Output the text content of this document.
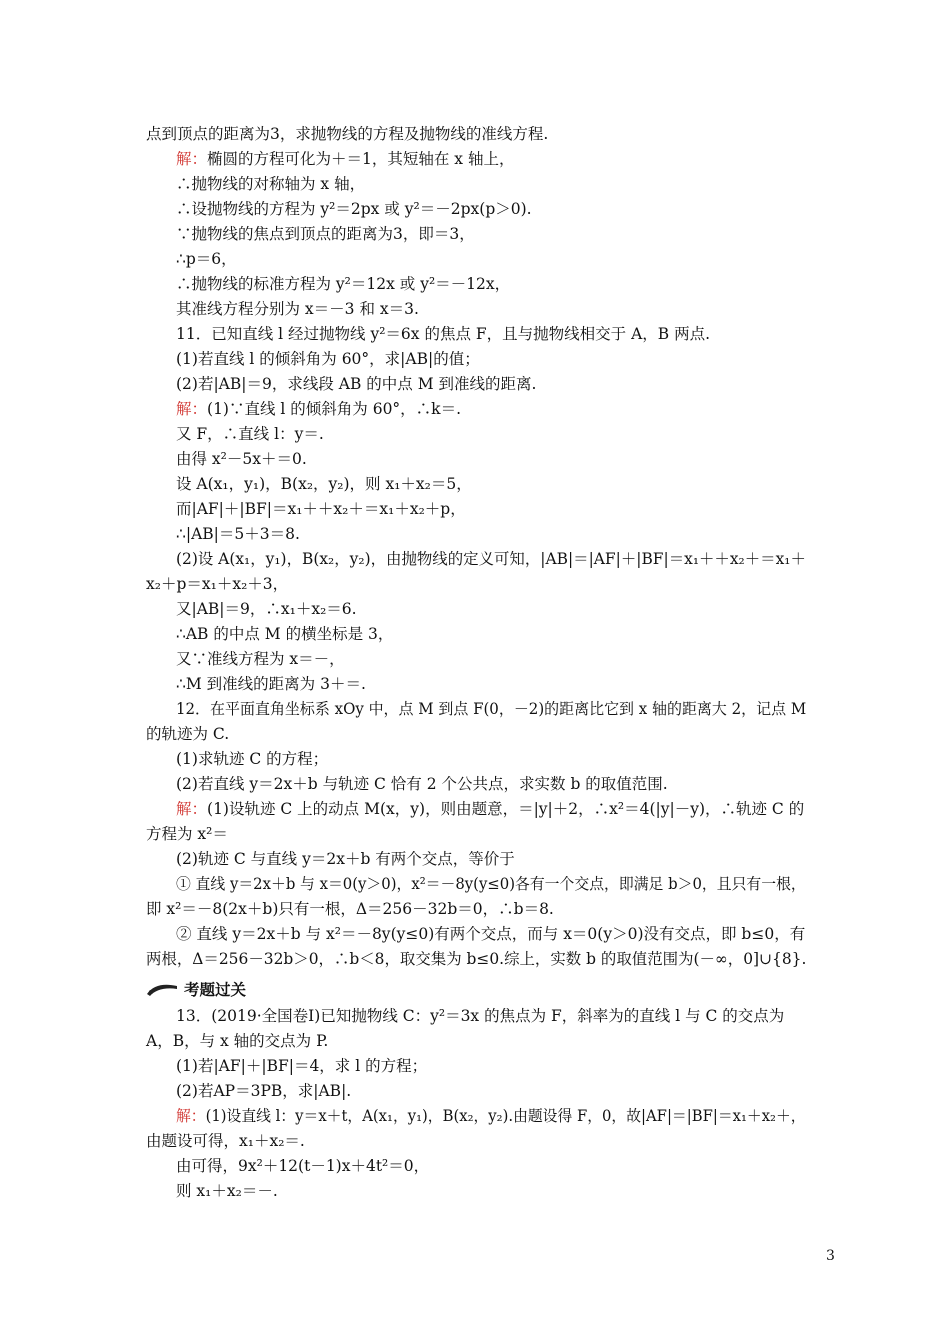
点到顶点的距离为3，求抛物线的方程及抛物线的准线方程.
解：椭圆的方程可化为＋＝1，其短轴在 x 轴上，
∴抛物线的对称轴为 x 轴，
∴设抛物线的方程为 y²＝2px 或 y²＝－2px(p＞0).
∵抛物线的焦点到顶点的距离为3，即＝3，
∴p＝6，
∴抛物线的标准方程为 y²＝12x 或 y²＝－12x，
其准线方程分别为 x＝－3 和 x＝3.
11．已知直线 l 经过抛物线 y²＝6x 的焦点 F，且与抛物线相交于 A，B 两点.
(1)若直线 l 的倾斜角为 60°，求|AB|的值；
(2)若|AB|＝9，求线段 AB 的中点 M 到准线的距离.
解：(1)∵直线 l 的倾斜角为 60°，∴k＝.
又 F，∴直线 l：y＝.
由得 x²－5x＋＝0.
设 A(x₁，y₁)，B(x₂，y₂)，则 x₁＋x₂＝5，
而|AF|＋|BF|＝x₁＋＋x₂＋＝x₁＋x₂＋p，
∴|AB|＝5＋3＝8.
(2)设 A(x₁，y₁)，B(x₂，y₂)，由抛物线的定义可知，|AB|＝|AF|＋|BF|＝x₁＋＋x₂＋＝x₁＋
x₂＋p＝x₁＋x₂＋3，
又|AB|＝9，∴x₁＋x₂＝6.
∴AB 的中点 M 的横坐标是 3，
又∵准线方程为 x＝－，
∴M 到准线的距离为 3＋＝.
12．在平面直角坐标系 xOy 中，点 M 到点 F(0，－2)的距离比它到 x 轴的距离大 2，记点 M
的轨迹为 C.
(1)求轨迹 C 的方程；
(2)若直线 y＝2x＋b 与轨迹 C 恰有 2 个公共点，求实数 b 的取值范围.
解：(1)设轨迹 C 上的动点 M(x，y)，则由题意，＝|y|＋2，∴x²＝4(|y|－y)，∴轨迹 C 的
方程为 x²＝
(2)轨迹 C 与直线 y＝2x＋b 有两个交点，等价于
① 直线 y＝2x＋b 与 x＝0(y＞0)，x²＝－8y(y≤0)各有一个交点，即满足 b＞0，且只有一根，
即 x²＝－8(2x＋b)只有一根，Δ＝256－32b＝0，∴b＝8.
② 直线 y＝2x＋b 与 x²＝－8y(y≤0)有两个交点，而与 x＝0(y＞0)没有交点，即 b≤0，有
两根，Δ＝256－32b＞0，∴b＜8，取交集为 b≤0.综上，实数 b 的取值范围为(－∞，0]∪{8}.
考题过关
13．(2019·全国卷Ⅰ)已知抛物线 C：y²＝3x 的焦点为 F，斜率为的直线 l 与 C 的交点为
A，B，与 x 轴的交点为 P.
(1)若|AF|＋|BF|＝4，求 l 的方程；
(2)若AP＝3PB，求|AB|.
解：(1)设直线 l：y＝x＋t，A(x₁，y₁)，B(x₂，y₂).由题设得 F，0，故|AF|＝|BF|＝x₁＋x₂＋，
由题设可得，x₁＋x₂＝.
由可得，9x²＋12(t－1)x＋4t²＝0，
则 x₁＋x₂＝－.
3
